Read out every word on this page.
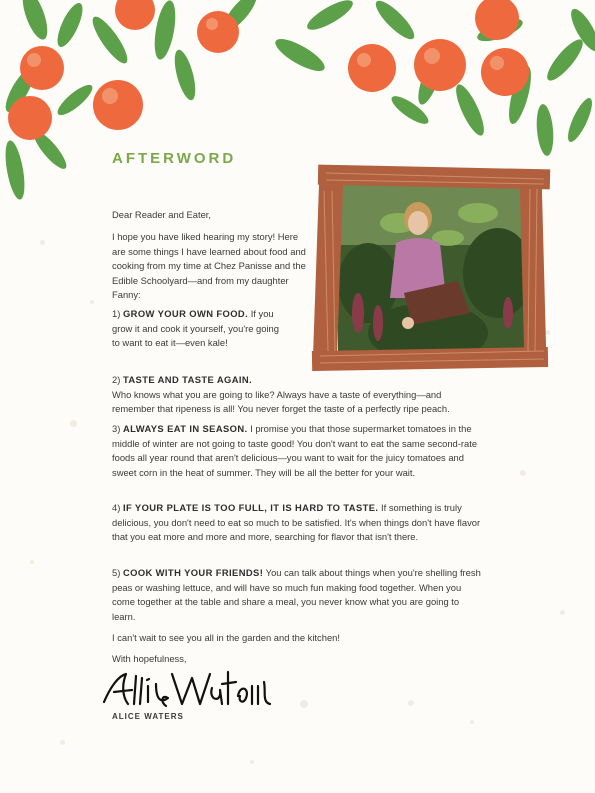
AFTERWORD

Dear Reader and Eater,

I hope you have liked hearing my story! Here are some things I have learned about food and cooking from my time at Chez Panisse and the Edible Schoolyard—and from my daughter Fanny:

1) GROW YOUR OWN FOOD. If you grow it and cook it yourself, you're going to want to eat it—even kale!

2) TASTE AND TASTE AGAIN.
Who knows what you are going to like? Always have a taste of everything—and remember that ripeness is all! You never forget the taste of a perfectly ripe peach.

3) ALWAYS EAT IN SEASON. I promise you that those supermarket tomatoes in the middle of winter are not going to taste good! You don't want to eat the same second-rate foods all year round that aren't delicious—you want to wait for the juicy tomatoes and sweet corn in the heat of summer. They will be all the better for your wait.

4) IF YOUR PLATE IS TOO FULL, IT IS HARD TO TASTE. If something is truly delicious, you don't need to eat so much to be satisfied. It's when things don't have flavor that you eat more and more and more, searching for flavor that isn't there.

5) COOK WITH YOUR FRIENDS! You can talk about things when you're shelling fresh peas or washing lettuce, and will have so much fun making food together. When you come together at the table and share a meal, you never know what you are going to learn.

I can't wait to see you all in the garden and the kitchen!

With hopefulness,

ALICE WATERS
